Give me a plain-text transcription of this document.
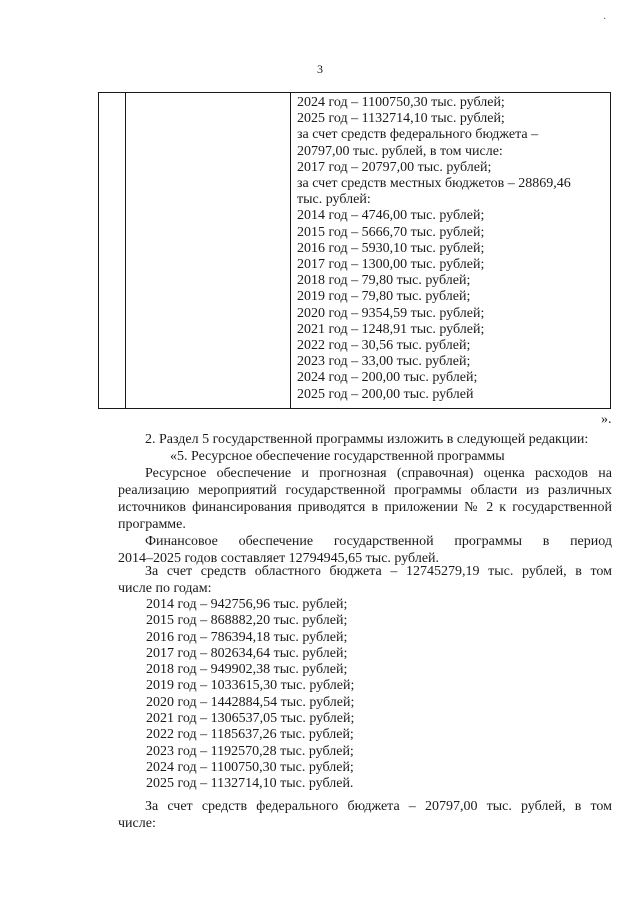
·
3
2024 год – 1100750,30 тыс. рублей;
2025 год – 1132714,10 тыс. рублей;
за счет средств федерального бюджета –
20797,00 тыс. рублей, в том числе:
2017 год – 20797,00 тыс. рублей;
за счет средств местных бюджетов – 28869,46
тыс. рублей:
2014 год – 4746,00 тыс. рублей;
2015 год – 5666,70 тыс. рублей;
2016 год – 5930,10 тыс. рублей;
2017 год – 1300,00 тыс. рублей;
2018 год – 79,80 тыс. рублей;
2019 год – 79,80 тыс. рублей;
2020 год – 9354,59 тыс. рублей;
2021 год – 1248,91 тыс. рублей;
2022 год – 30,56 тыс. рублей;
2023 год – 33,00 тыс. рублей;
2024 год – 200,00 тыс. рублей;
2025 год – 200,00 тыс. рублей
».
2. Раздел 5 государственной программы изложить в следующей редакции:
«5. Ресурсное обеспечение государственной программы
Ресурсное обеспечение и прогнозная (справочная) оценка расходов на
реализацию мероприятий государственной программы области из различных
источников финансирования приводятся в приложении № 2 к государственной
программе.
Финансовое обеспечение государственной программы в период
2014–2025 годов составляет 12794945,65 тыс. рублей.
За счет средств областного бюджета – 12745279,19 тыс. рублей, в том
числе по годам:
2014 год – 942756,96 тыс. рублей;
2015 год – 868882,20 тыс. рублей;
2016 год – 786394,18 тыс. рублей;
2017 год – 802634,64 тыс. рублей;
2018 год – 949902,38 тыс. рублей;
2019 год – 1033615,30 тыс. рублей;
2020 год – 1442884,54 тыс. рублей;
2021 год – 1306537,05 тыс. рублей;
2022 год – 1185637,26 тыс. рублей;
2023 год – 1192570,28 тыс. рублей;
2024 год – 1100750,30 тыс. рублей;
2025 год – 1132714,10 тыс. рублей.
За счет средств федерального бюджета – 20797,00 тыс. рублей, в том
числе:
